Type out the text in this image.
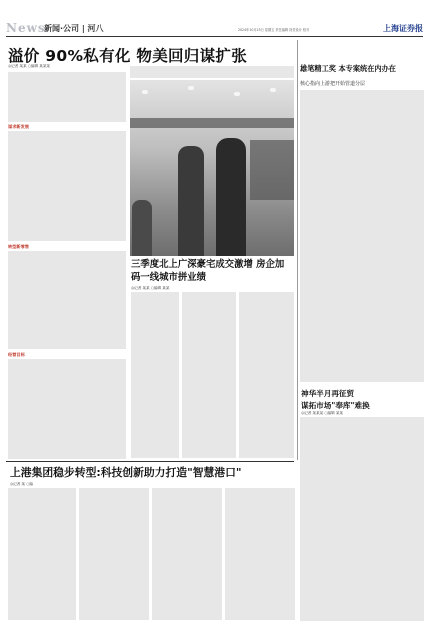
News
新闻·公司 | 河八	2024年10月25日 星期五 责任编辑 视觉设计 校对	上海证券报
溢价 90%私有化 物美回归谋扩张
◎记者 某某 ○编辑 某某某
谋求新发展
转型新零售
经营目标
三季度北上广深豪宅成交激增 房企加码一线城市拼业绩
◎记者 某某 ○编辑 某某
雄笔精工奖 本专案统在内办在
核心指向上游把开始管道分层
神华半月再征贸
谋拓市场"奉库"难换
◎记者 某某某 ○编辑 某某
上港集团稳步转型:科技创新助力打造"智慧港口"
◎记者 某 ○编
